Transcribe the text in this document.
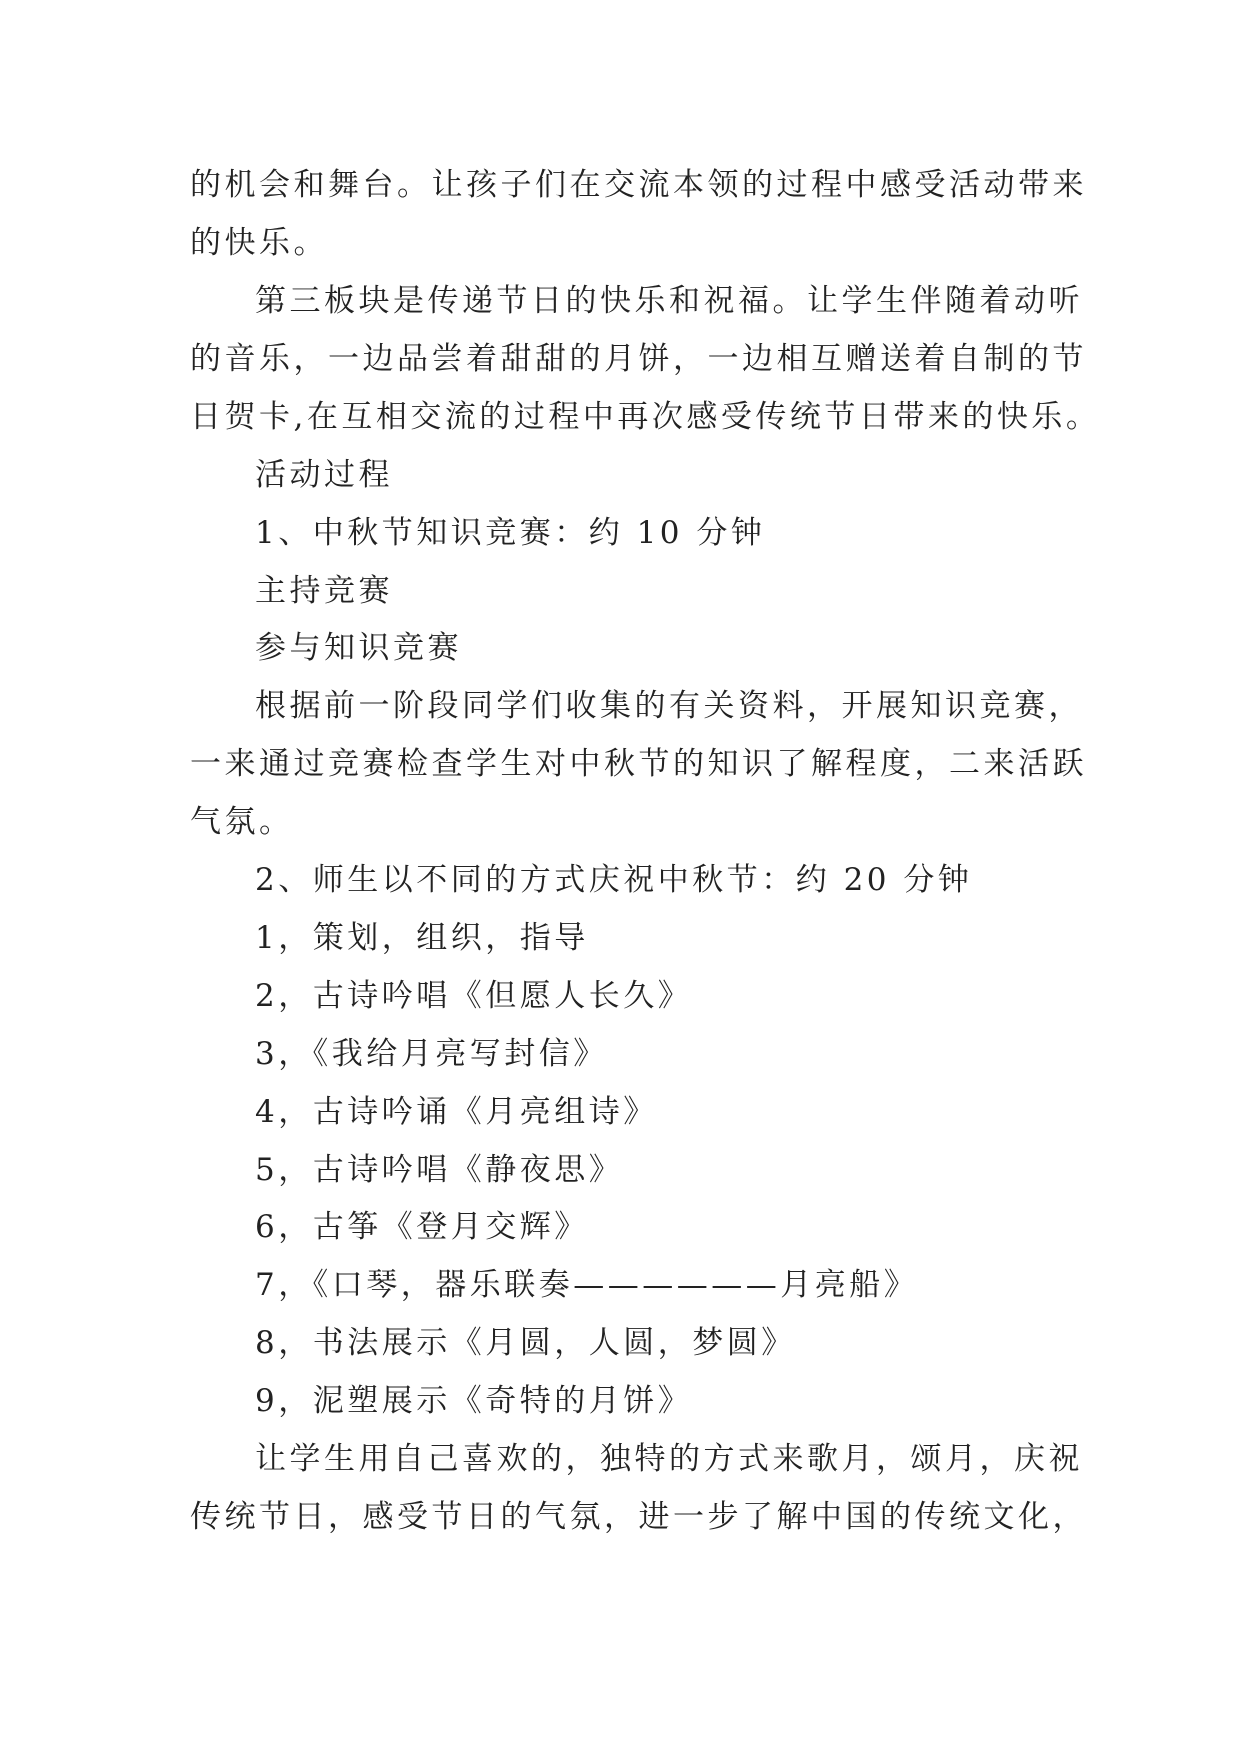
的机会和舞台。让孩子们在交流本领的过程中感受活动带来

的快乐。

第三板块是传递节日的快乐和祝福。让学生伴随着动听

的音乐，一边品尝着甜甜的月饼，一边相互赠送着自制的节

日贺卡,在互相交流的过程中再次感受传统节日带来的快乐。

活动过程

1、中秋节知识竞赛：约 10 分钟

主持竞赛

参与知识竞赛

根据前一阶段同学们收集的有关资料，开展知识竞赛，

一来通过竞赛检查学生对中秋节的知识了解程度，二来活跃

气氛。

2、师生以不同的方式庆祝中秋节：约 20 分钟

1，策划，组织，指导

2，古诗吟唱《但愿人长久》

3，《我给月亮写封信》

4，古诗吟诵《月亮组诗》

5，古诗吟唱《静夜思》

6，古筝《登月交辉》

7，《口琴，器乐联奏——————月亮船》

8，书法展示《月圆，人圆，梦圆》

9，泥塑展示《奇特的月饼》

让学生用自己喜欢的，独特的方式来歌月，颂月，庆祝

传统节日，感受节日的气氛，进一步了解中国的传统文化，
